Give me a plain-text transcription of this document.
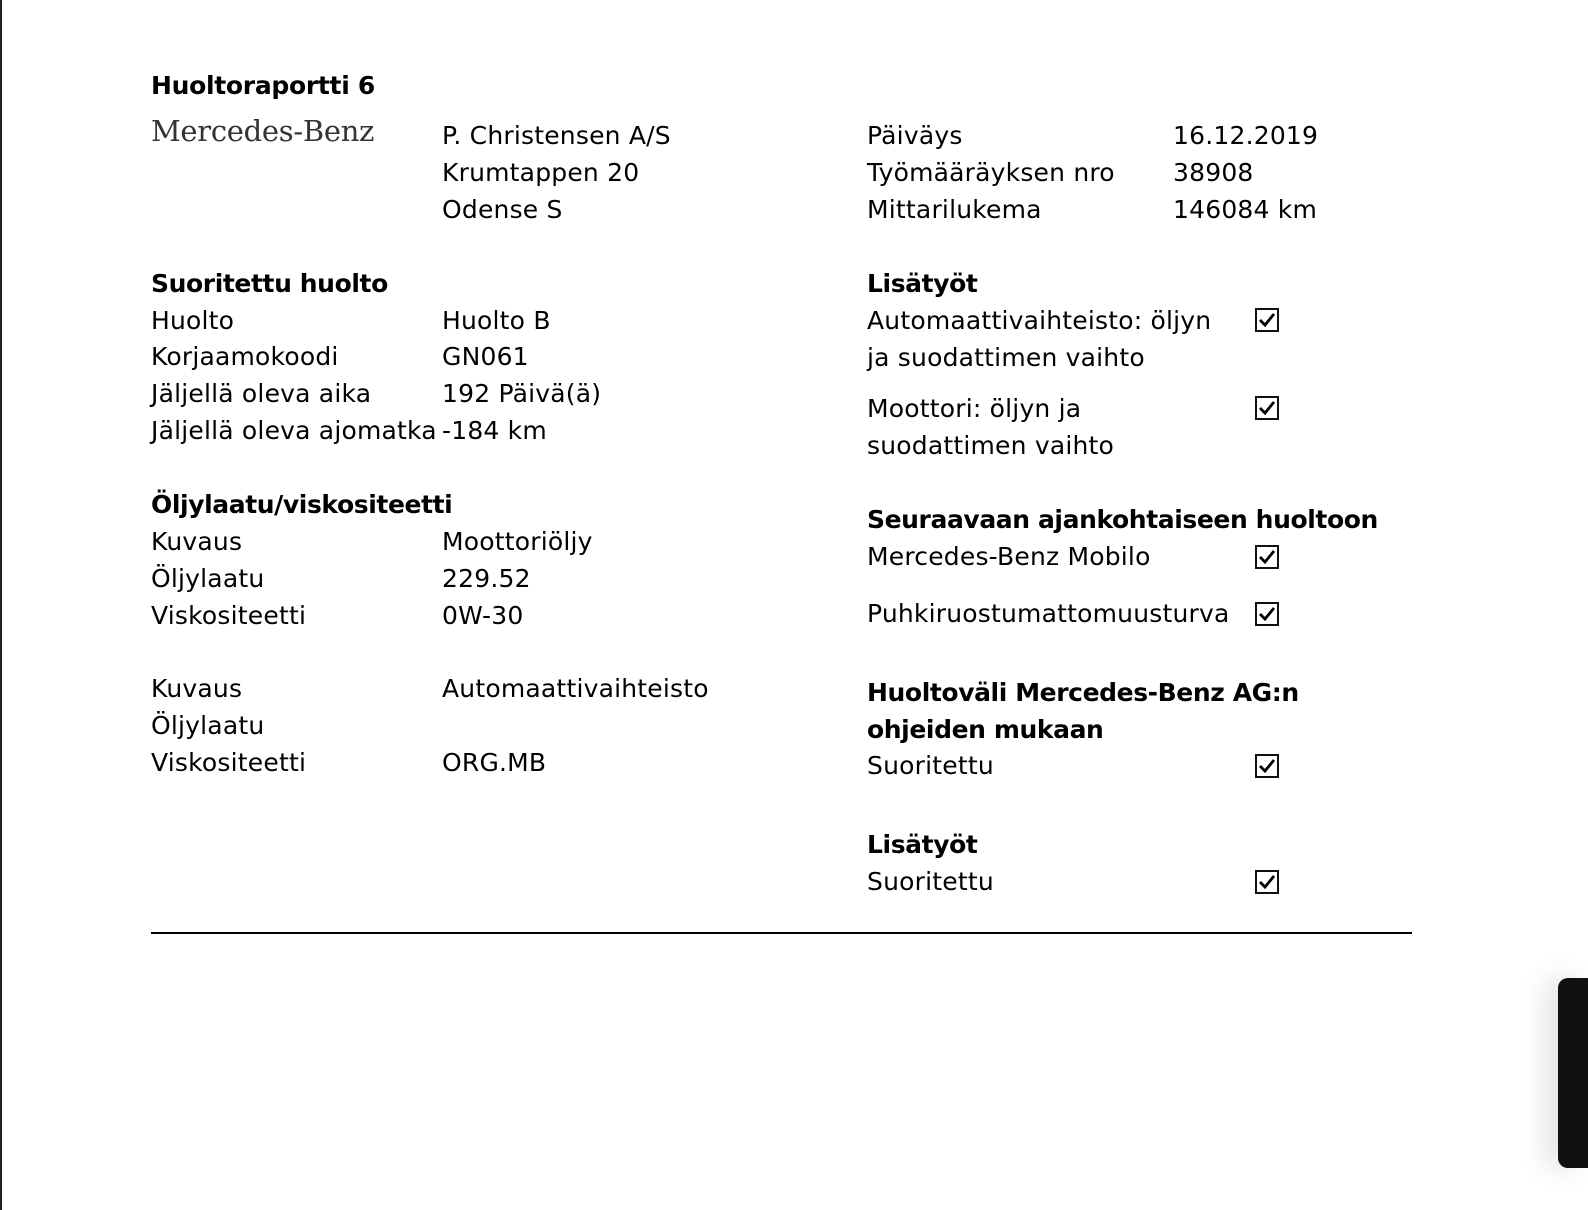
Huoltoraportti 6
Mercedes-Benz	P. Christensen A/S
Krumtappen 20
Odense S
Päiväys	16.12.2019
Työmääräyksen nro 38908
Mittarilukema	146084 km
Suoritettu huolto
Huolto	Huolto B
Korjaamokoodi	GN061
Jäljellä oleva aika	192 Päivä(ä)
Jäljellä oleva ajomatka -184 km
Öljylaatu/viskositeetti
Kuvaus	Moottoriöljy
Öljylaatu	229.52
Viskositeetti	0W-30
Kuvaus	Automaattivaihteisto
Öljylaatu
Viskositeetti	ORG.MB
Lisätyöt
Automaattivaihteisto: öljyn ja suodattimen vaihto
Moottori: öljyn ja suodattimen vaihto
Seuraavaan ajankohtaiseen huoltoon
Mercedes-Benz Mobilo
Puhkiruostumattomuusturva
Huoltoväli Mercedes-Benz AG:n ohjeiden mukaan
Suoritettu
Lisätyöt
Suoritettu
